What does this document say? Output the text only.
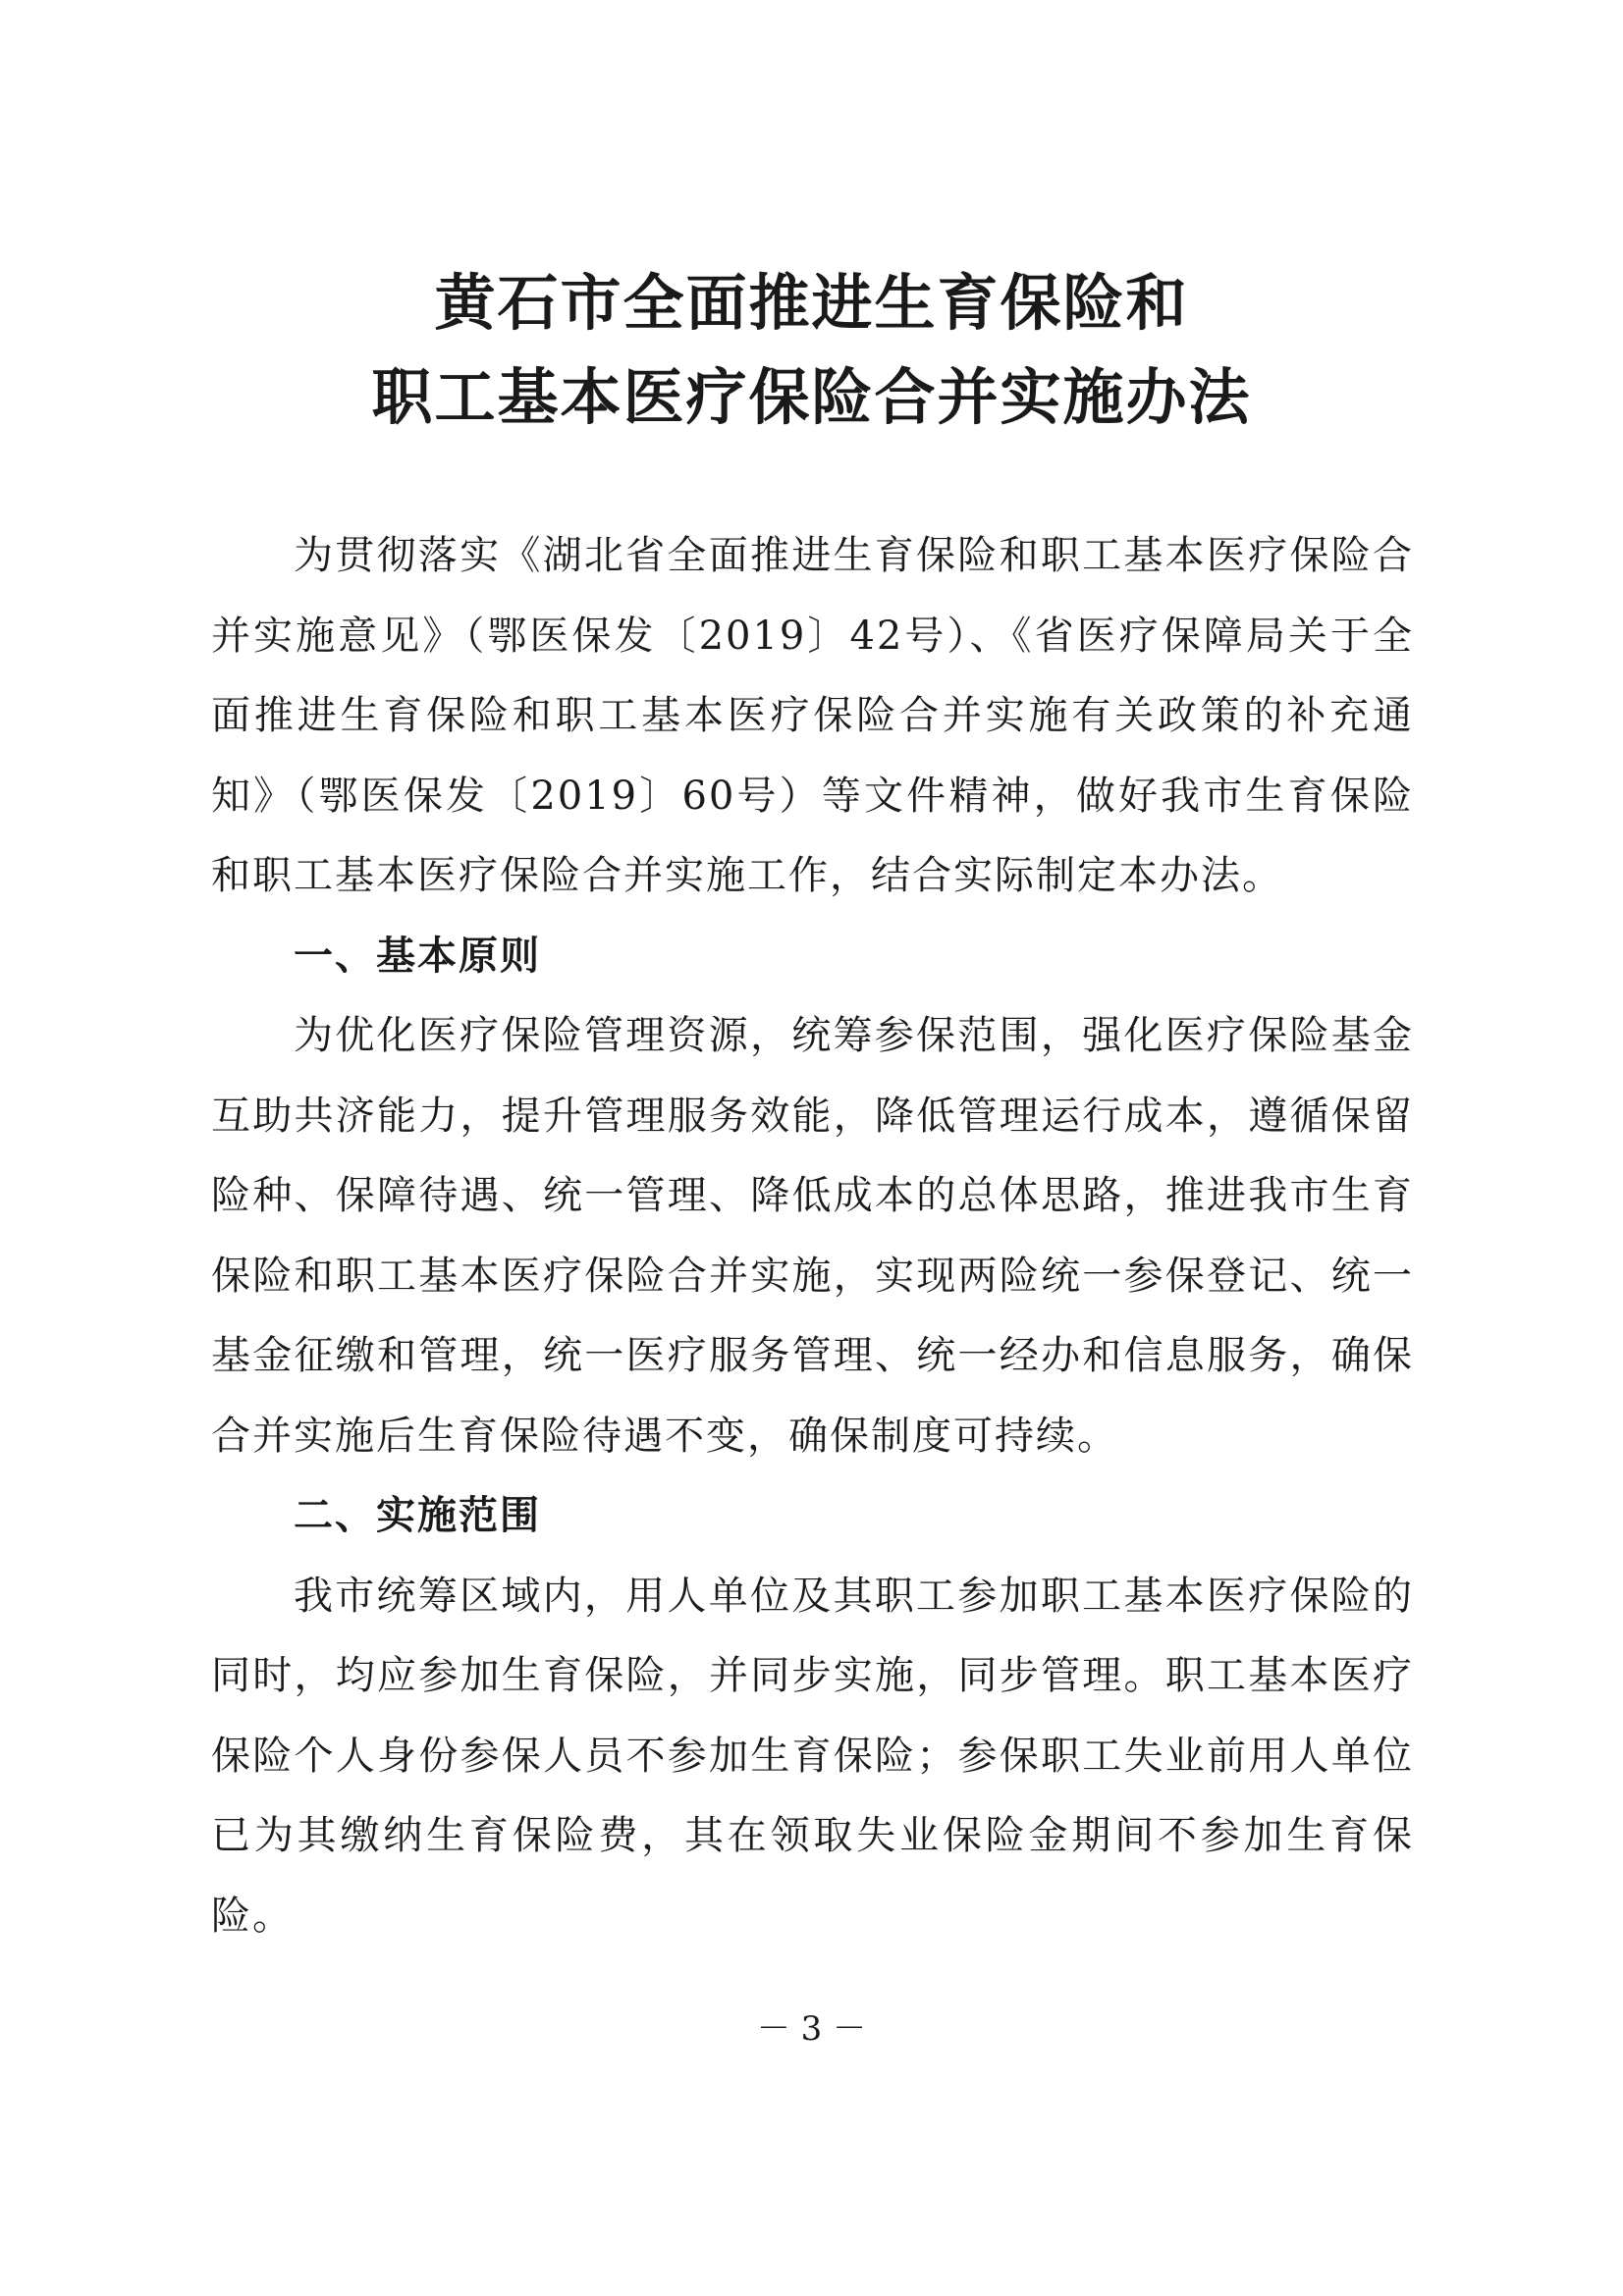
黄石市全面推进生育保险和
职工基本医疗保险合并实施办法

为贯彻落实《湖北省全面推进生育保险和职工基本医疗保险合并实施意见》（鄂医保发〔2019〕42号）、《省医疗保障局关于全面推进生育保险和职工基本医疗保险合并实施有关政策的补充通知》（鄂医保发〔2019〕60号）等文件精神，做好我市生育保险和职工基本医疗保险合并实施工作，结合实际制定本办法。

一、基本原则

为优化医疗保险管理资源，统筹参保范围，强化医疗保险基金互助共济能力，提升管理服务效能，降低管理运行成本，遵循保留险种、保障待遇、统一管理、降低成本的总体思路，推进我市生育保险和职工基本医疗保险合并实施，实现两险统一参保登记、统一基金征缴和管理，统一医疗服务管理、统一经办和信息服务，确保合并实施后生育保险待遇不变，确保制度可持续。

二、实施范围

我市统筹区域内，用人单位及其职工参加职工基本医疗保险的同时，均应参加生育保险，并同步实施，同步管理。职工基本医疗保险个人身份参保人员不参加生育保险；参保职工失业前用人单位已为其缴纳生育保险费，其在领取失业保险金期间不参加生育保险。

－ 3 －
